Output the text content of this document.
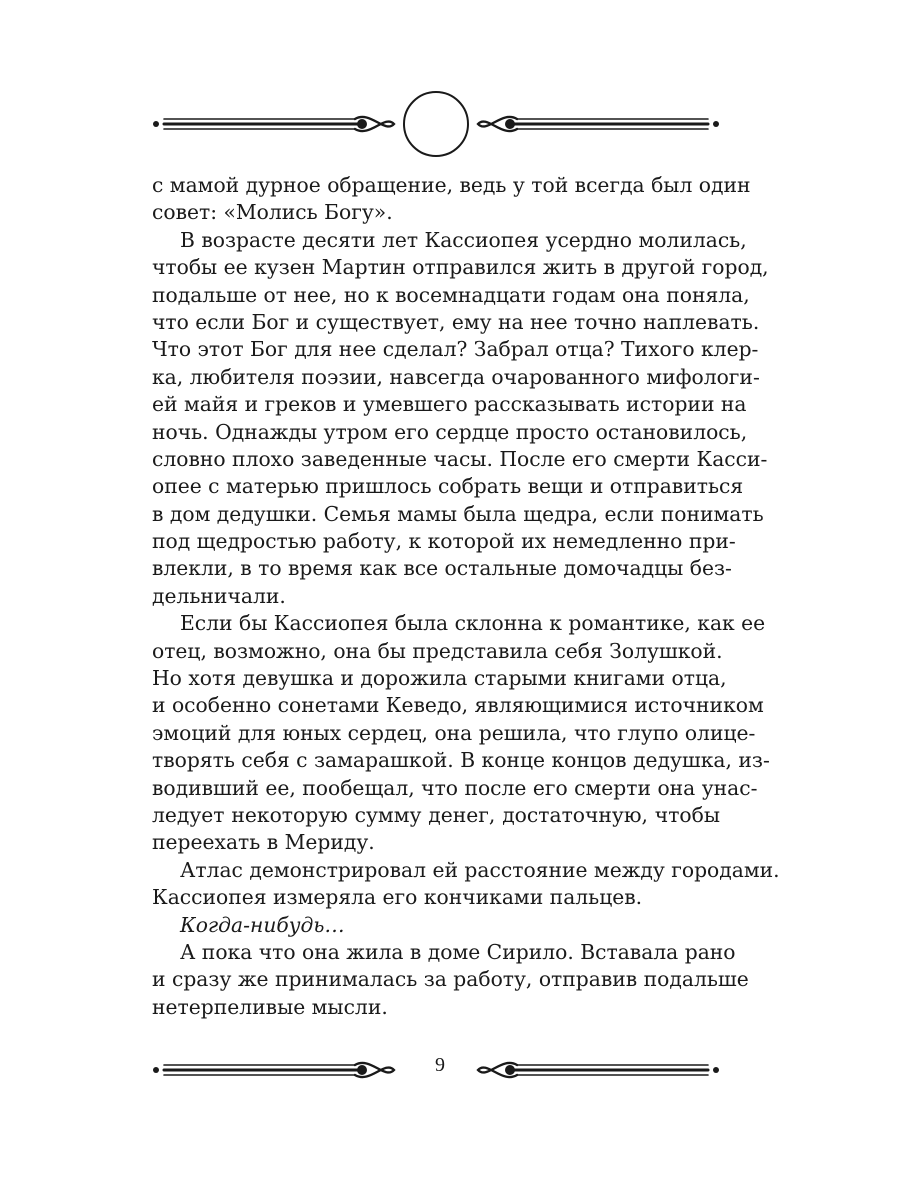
с мамой дурное обращение, ведь у той всегда был один
совет: «Молись Богу».
В возрасте десяти лет Кассиопея усердно молилась,
чтобы ее кузен Мартин отправился жить в другой город,
подальше от нее, но к восемнадцати годам она поняла,
что если Бог и существует, ему на нее точно наплевать.
Что этот Бог для нее сделал? Забрал отца? Тихого клер-
ка, любителя поэзии, навсегда очарованного мифологи-
ей майя и греков и умевшего рассказывать истории на
ночь. Однажды утром его сердце просто остановилось,
словно плохо заведенные часы. После его смерти Касси-
опее с матерью пришлось собрать вещи и отправиться
в дом дедушки. Семья мамы была щедра, если понимать
под щедростью работу, к которой их немедленно при-
влекли, в то время как все остальные домочадцы без-
дельничали.
Если бы Кассиопея была склонна к романтике, как ее
отец, возможно, она бы представила себя Золушкой.
Но хотя девушка и дорожила старыми книгами отца,
и особенно сонетами Кеведо, являющимися источником
эмоций для юных сердец, она решила, что глупо олице-
творять себя с замарашкой. В конце концов дедушка, из-
водивший ее, пообещал, что после его смерти она унас-
ледует некоторую сумму денег, достаточную, чтобы
переехать в Мериду.
Атлас демонстрировал ей расстояние между городами.
Кассиопея измеряла его кончиками пальцев.
Когда-нибудь…
А пока что она жила в доме Сирило. Вставала рано
и сразу же принималась за работу, отправив подальше
нетерпеливые мысли.
9
